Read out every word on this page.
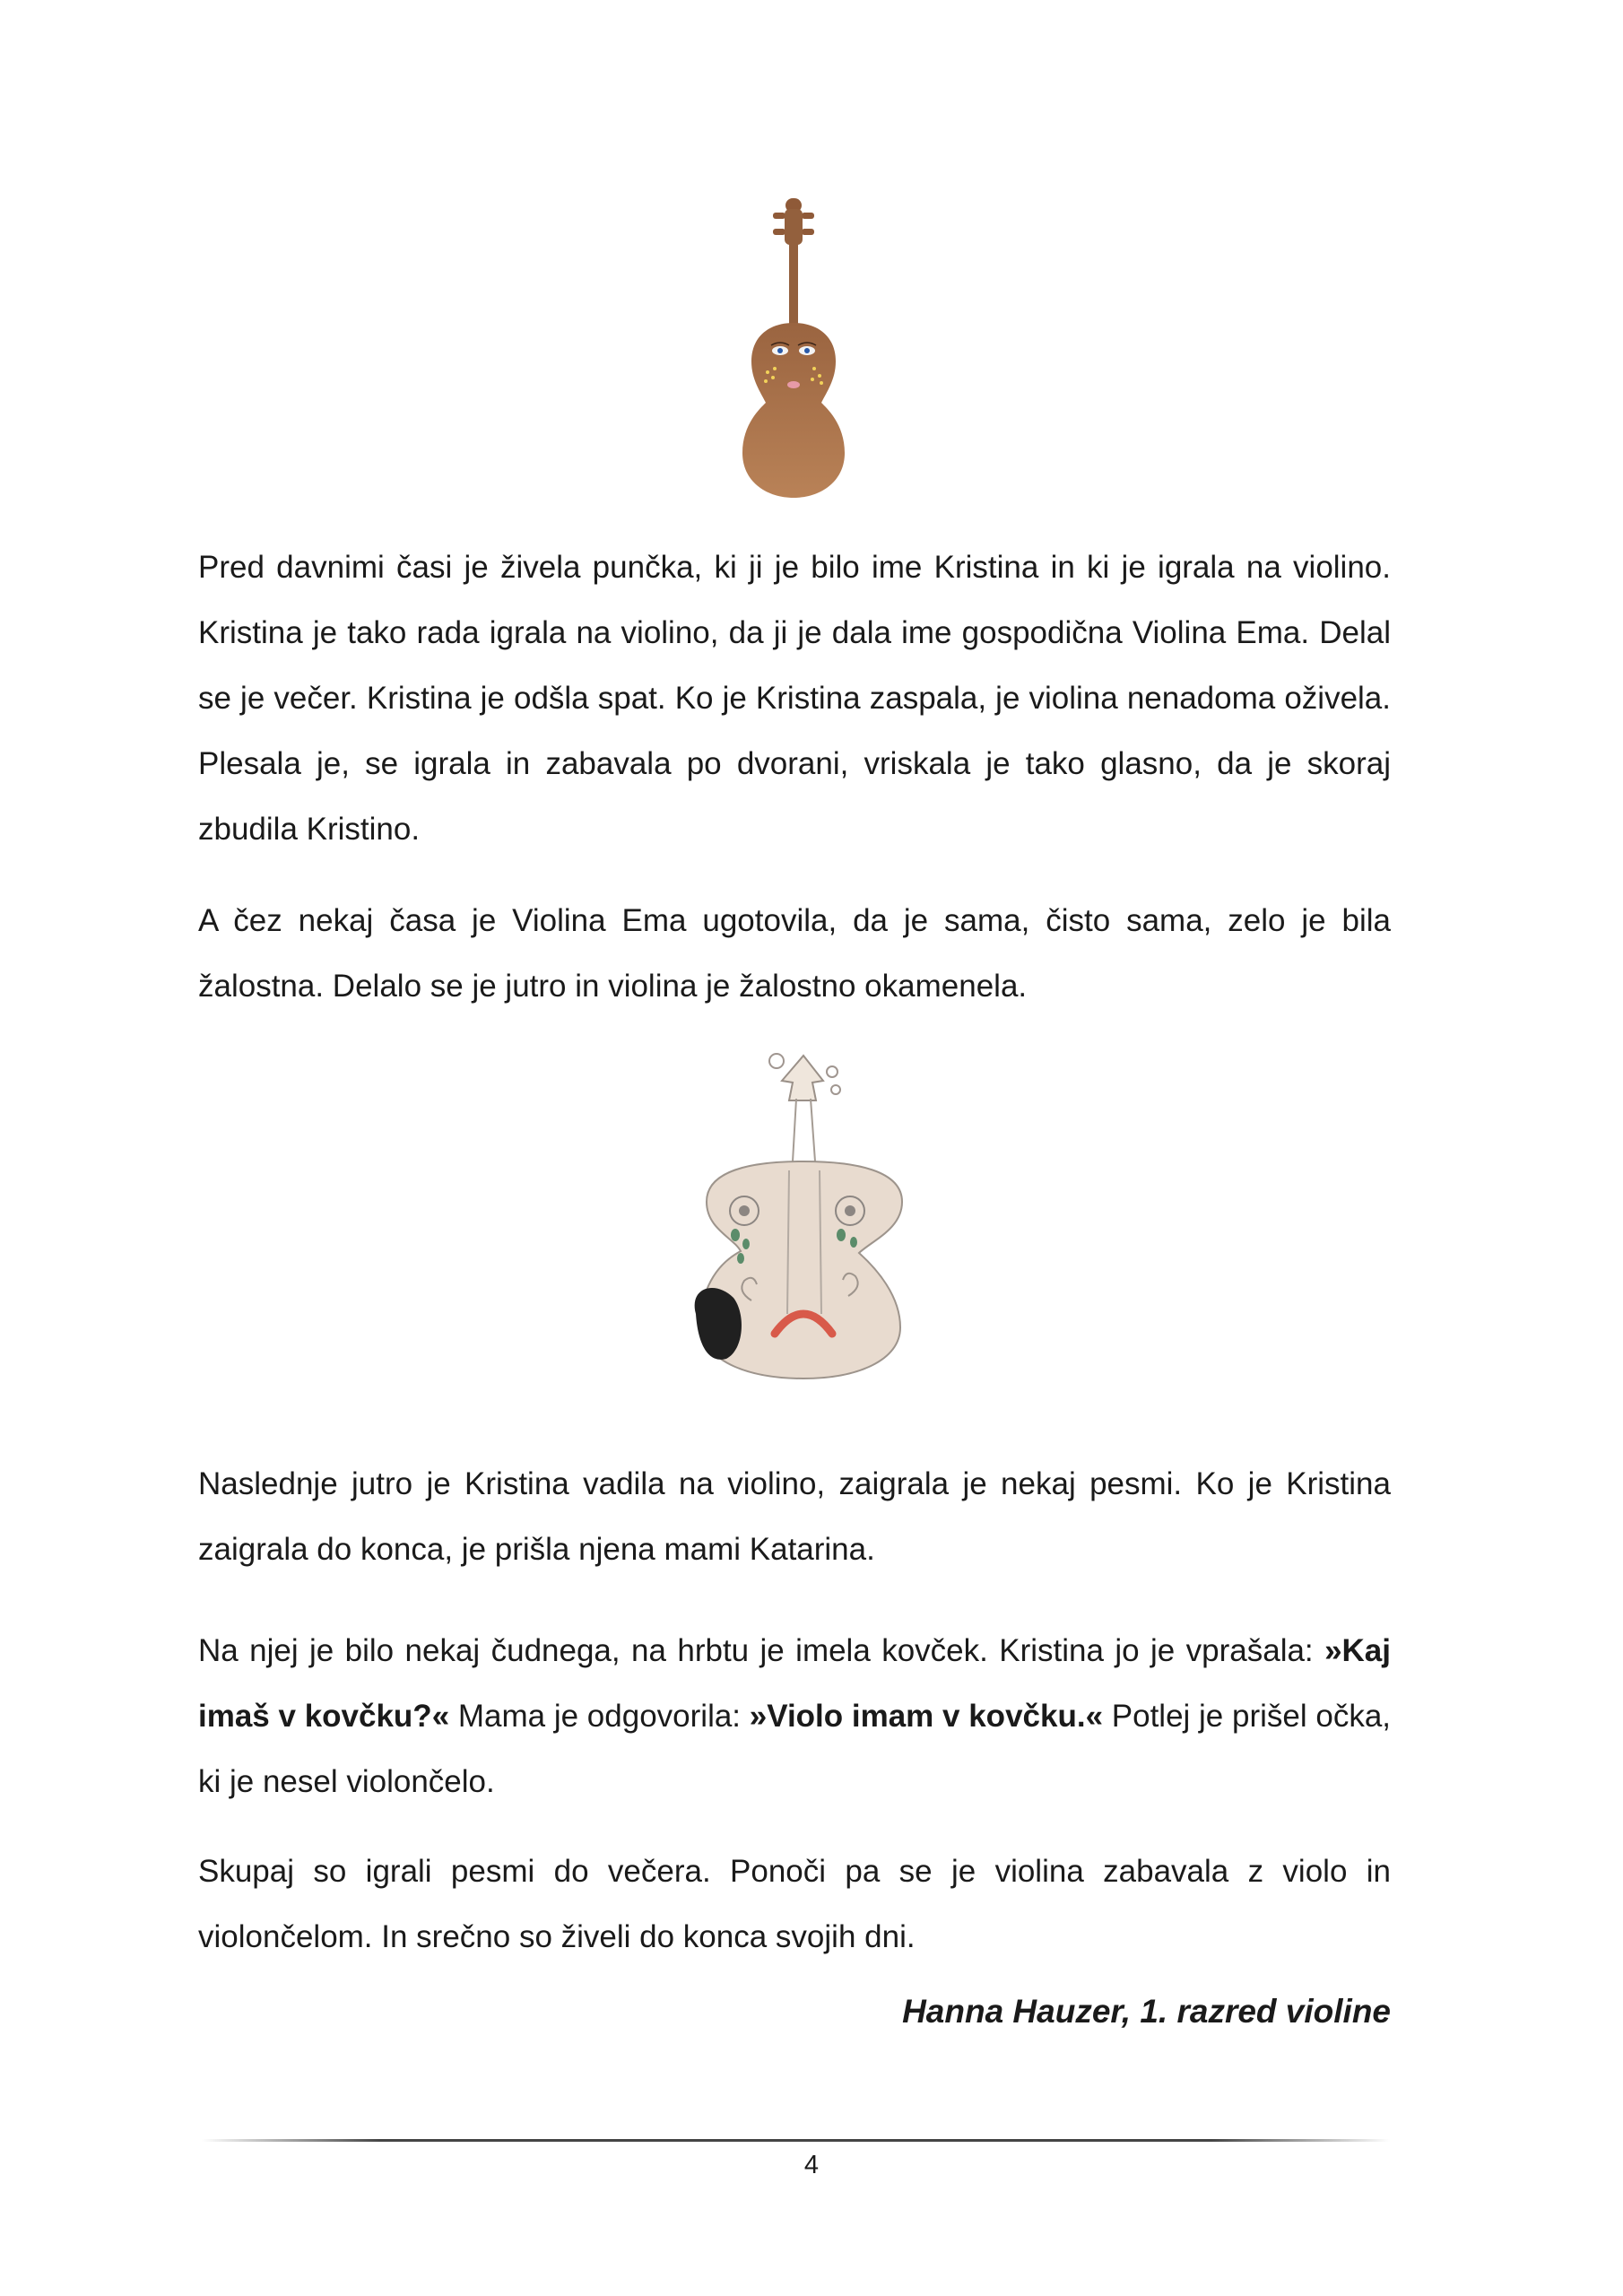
Pred davnimi časi je živela punčka, ki ji je bilo ime Kristina in ki je igrala na violino. Kristina je tako rada igrala na violino, da ji je dala ime gospodična Violina Ema. Delal se je večer. Kristina je odšla spat. Ko je Kristina zaspala, je violina nenadoma oživela. Plesala je, se igrala in zabavala po dvorani, vriskala je tako glasno, da je skoraj zbudila Kristino.

A čez nekaj časa je Violina Ema ugotovila, da je sama, čisto sama, zelo je bila žalostna. Delalo se je jutro in violina je žalostno okamenela.

Naslednje jutro je Kristina vadila na violino, zaigrala je nekaj pesmi. Ko je Kristina zaigrala do konca, je prišla njena mami Katarina.

Na njej je bilo nekaj čudnega, na hrbtu je imela kovček. Kristina jo je vprašala: »Kaj imaš v kovčku?« Mama je odgovorila: »Violo imam v kovčku.« Potlej je prišel očka, ki je nesel violončelo.

Skupaj so igrali pesmi do večera. Ponoči pa se je violina zabavala z violo in violončelom. In srečno so živeli do konca svojih dni.

Hanna Hauzer, 1. razred violine
4
